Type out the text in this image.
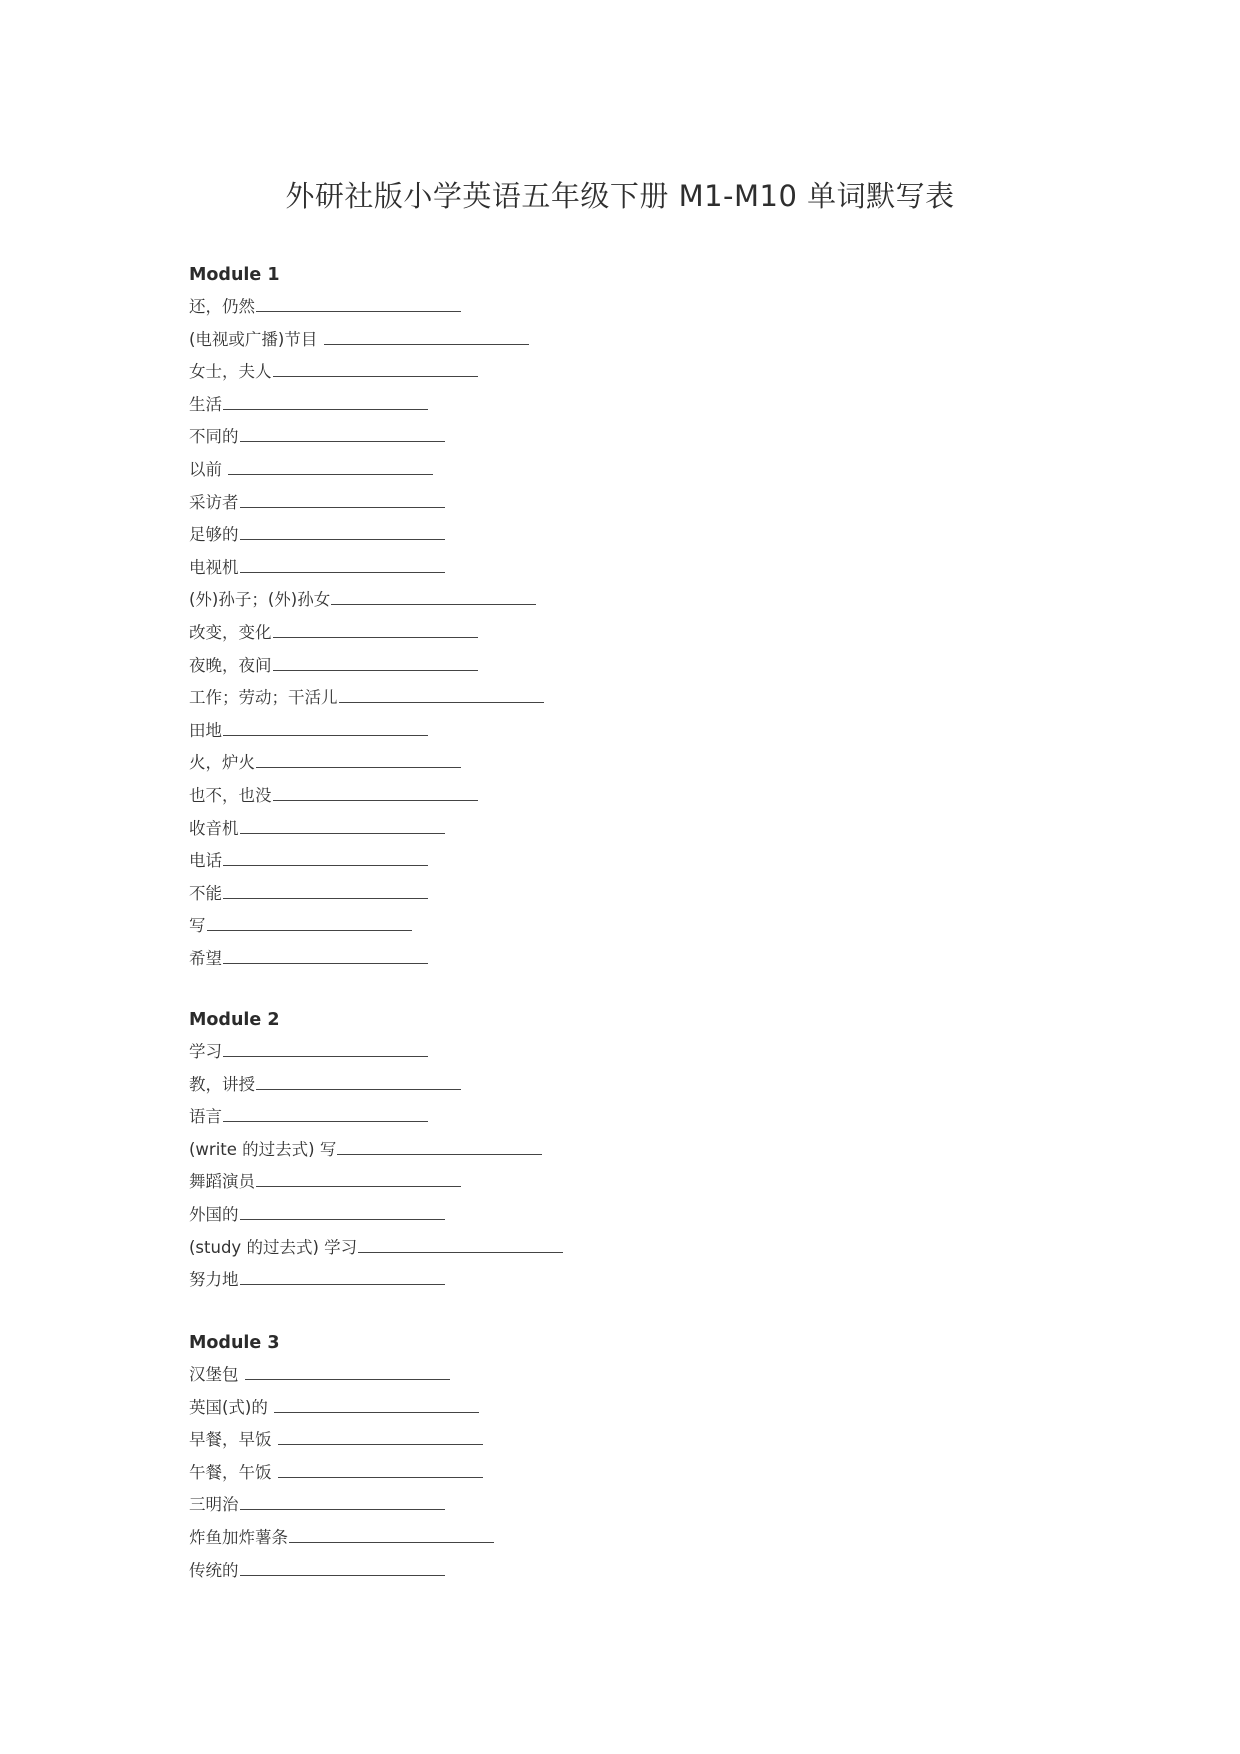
外研社版小学英语五年级下册 M1-M10 单词默写表
Module 1
还，仍然
(电视或广播)节目
女士，夫人
生活
不同的
以前
采访者
足够的
电视机
(外)孙子；(外)孙女
改变，变化
夜晚，夜间
工作；劳动；干活儿
田地
火，炉火
也不，也没
收音机
电话
不能
写
希望
Module 2
学习
教，讲授
语言
(write 的过去式) 写
舞蹈演员
外国的
(study 的过去式) 学习
努力地
Module 3
汉堡包
英国(式)的
早餐，早饭
午餐，午饭
三明治
炸鱼加炸薯条
传统的
